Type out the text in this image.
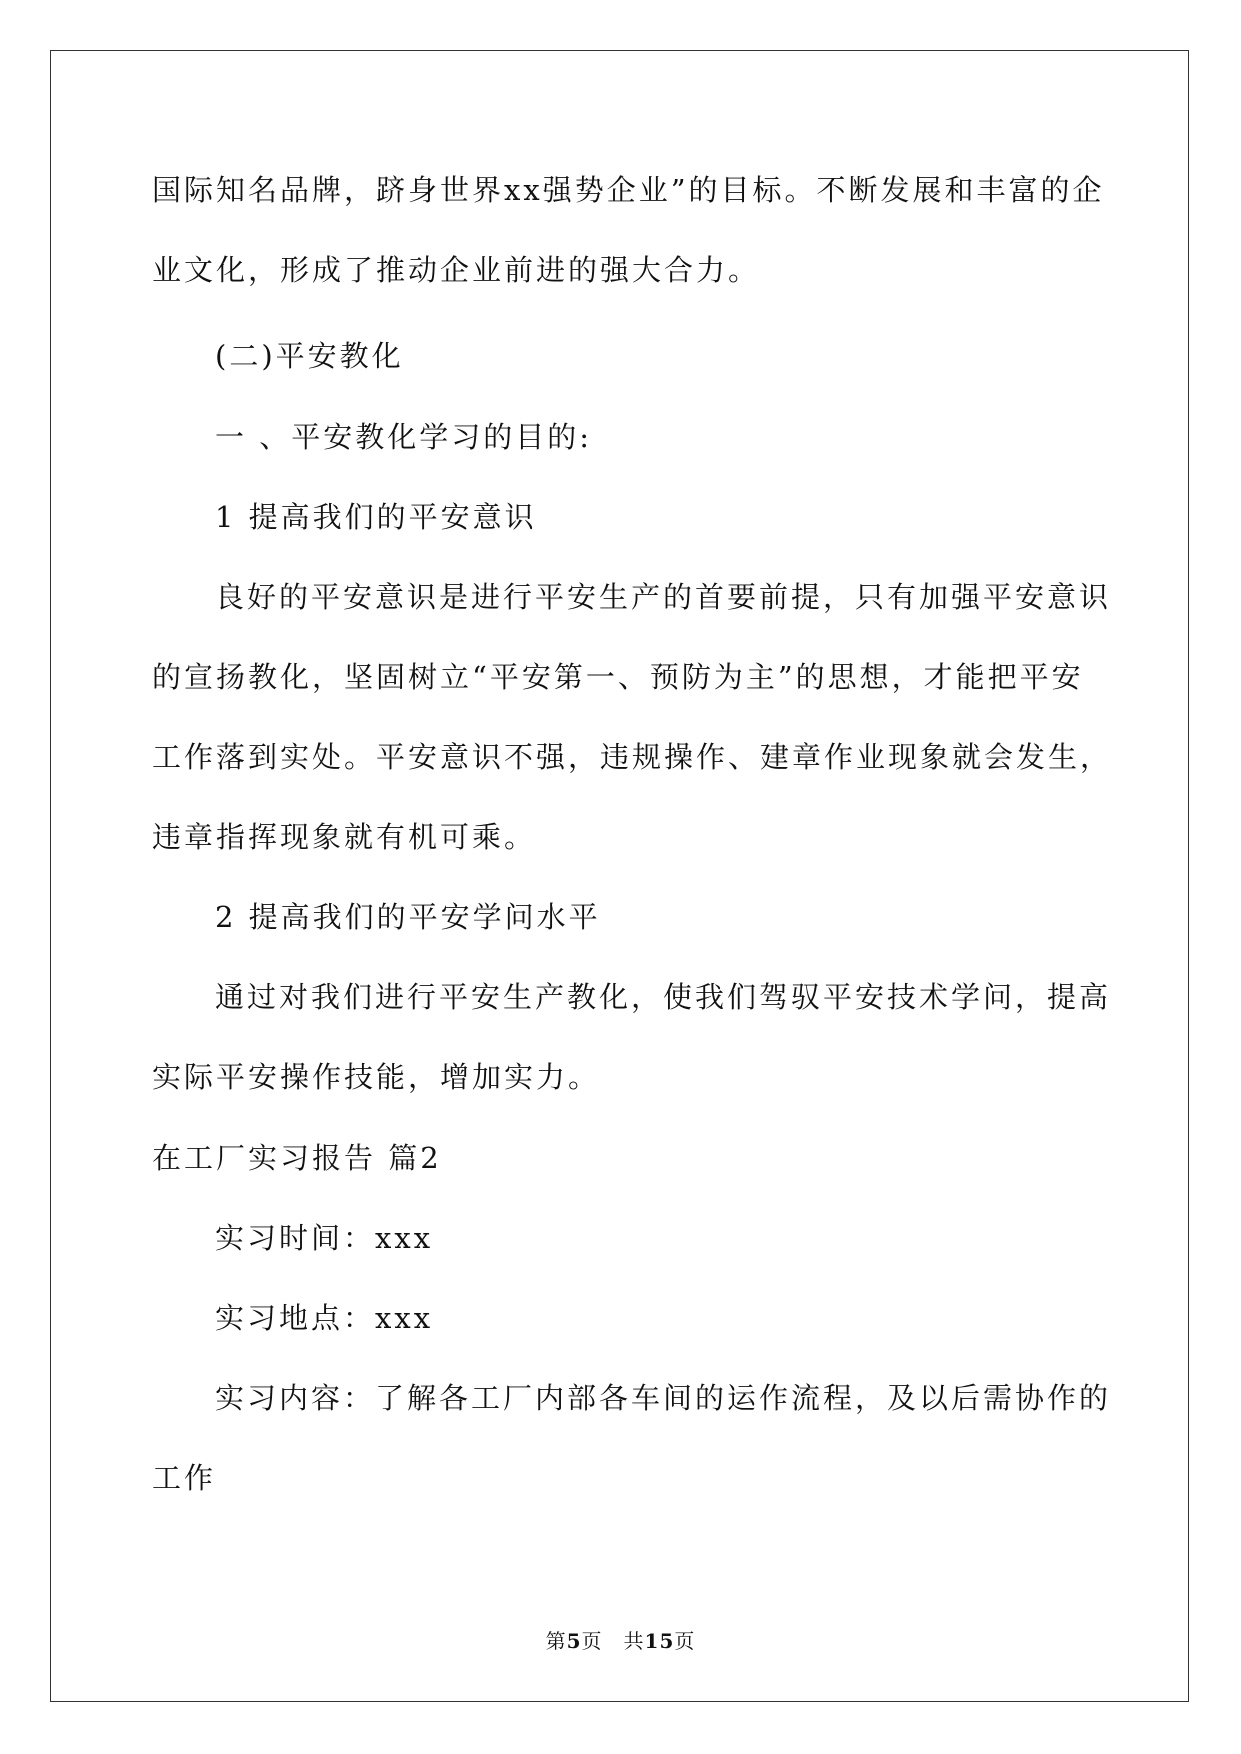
国际知名品牌，跻身世界xx强势企业”的目标。不断发展和丰富的企
业文化，形成了推动企业前进的强大合力。
(二)平安教化
一 、平安教化学习的目的:
1 提高我们的平安意识
良好的平安意识是进行平安生产的首要前提，只有加强平安意识
的宣扬教化，坚固树立“平安第一、预防为主”的思想，才能把平安
工作落到实处。平安意识不强，违规操作、建章作业现象就会发生，
违章指挥现象就有机可乘。
2 提高我们的平安学问水平
通过对我们进行平安生产教化，使我们驾驭平安技术学问，提高
实际平安操作技能，增加实力。
在工厂实习报告 篇2
实习时间：xxx
实习地点：xxx
实习内容：了解各工厂内部各车间的运作流程，及以后需协作的
工作
第5页　共15页
